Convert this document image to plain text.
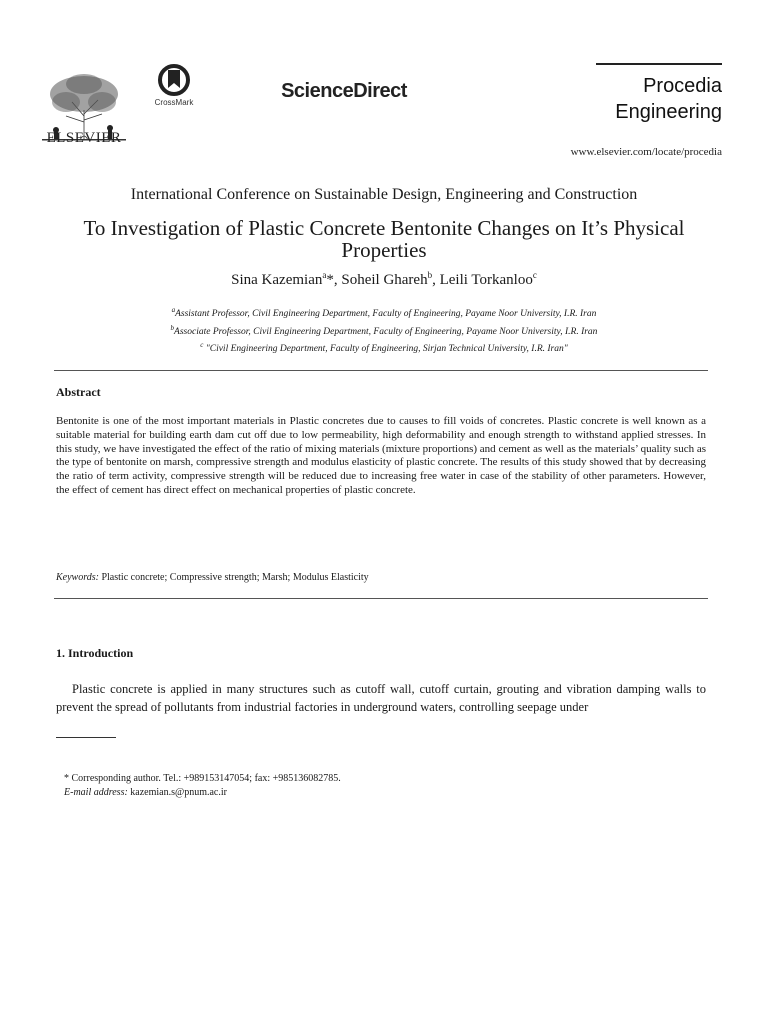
ELSEVIER
CrossMark
ScienceDirect	Procedia
Engineering
www.elsevier.com/locate/procedia
International Conference on Sustainable Design, Engineering and Construction
To Investigation of Plastic Concrete Bentonite Changes on It’s Physical Properties
Sina Kazemian$^a$*, Soheil Ghareh$^b$, Leili Torkanloo$^c$
$^a$Assistant Professor, Civil Engineering Department, Faculty of Engineering, Payame Noor University, I.R. Iran
$^b$Associate Professor, Civil Engineering Department, Faculty of Engineering, Payame Noor University, I.R. Iran
$^c$ "Civil Engineering Department, Faculty of Engineering, Sirjan Technical University, I.R. Iran"
Abstract
Bentonite is one of the most important materials in Plastic concretes due to causes to fill voids of concretes. Plastic concrete is well known as a suitable material for building earth dam cut off due to low permeability, high deformability and enough strength to withstand applied stresses. In this study, we have investigated the effect of the ratio of mixing materials (mixture proportions) and cement as well as the materials’ quality such as the type of bentonite on marsh, compressive strength and modulus elasticity of plastic concrete. The results of this study showed that by decreasing the ratio of term activity, compressive strength will be reduced due to increasing free water in case of the stability of other parameters. However, the effect of cement has direct effect on mechanical properties of plastic concrete.
Keywords: Plastic concrete; Compressive strength; Marsh; Modulus Elasticity
1. Introduction
Plastic concrete is applied in many structures such as cutoff wall, cutoff curtain, grouting and vibration damping walls to prevent the spread of pollutants from industrial factories in underground waters, controlling seepage under
* Corresponding author. Tel.: +989153147054; fax: +985136082785.
E-mail address: kazemian.s@pnum.ac.ir
